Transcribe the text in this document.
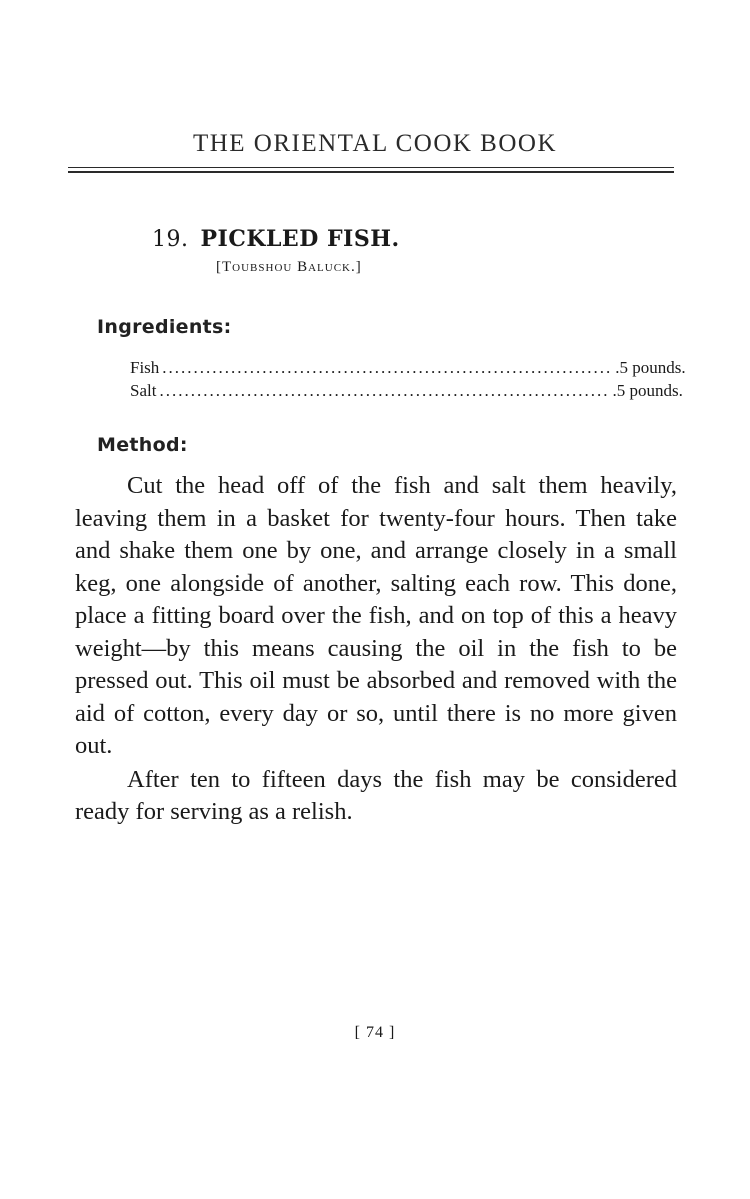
THE ORIENTAL COOK BOOK
19. PICKLED FISH.
[Toubshou Baluck.]
Ingredients:
Fish ........................................................................ .5 pounds.
Salt ........................................................................ .5 pounds.
Method:

Cut the head off of the fish and salt them heavily, leaving them in a basket for twenty-four hours. Then take and shake them one by one, and arrange closely in a small keg, one alongside of another, salting each row. This done, place a fitting board over the fish, and on top of this a heavy weight—by this means causing the oil in the fish to be pressed out. This oil must be absorbed and removed with the aid of cotton, every day or so, until there is no more given out.

After ten to fifteen days the fish may be considered ready for serving as a relish.

[ 74 ]
